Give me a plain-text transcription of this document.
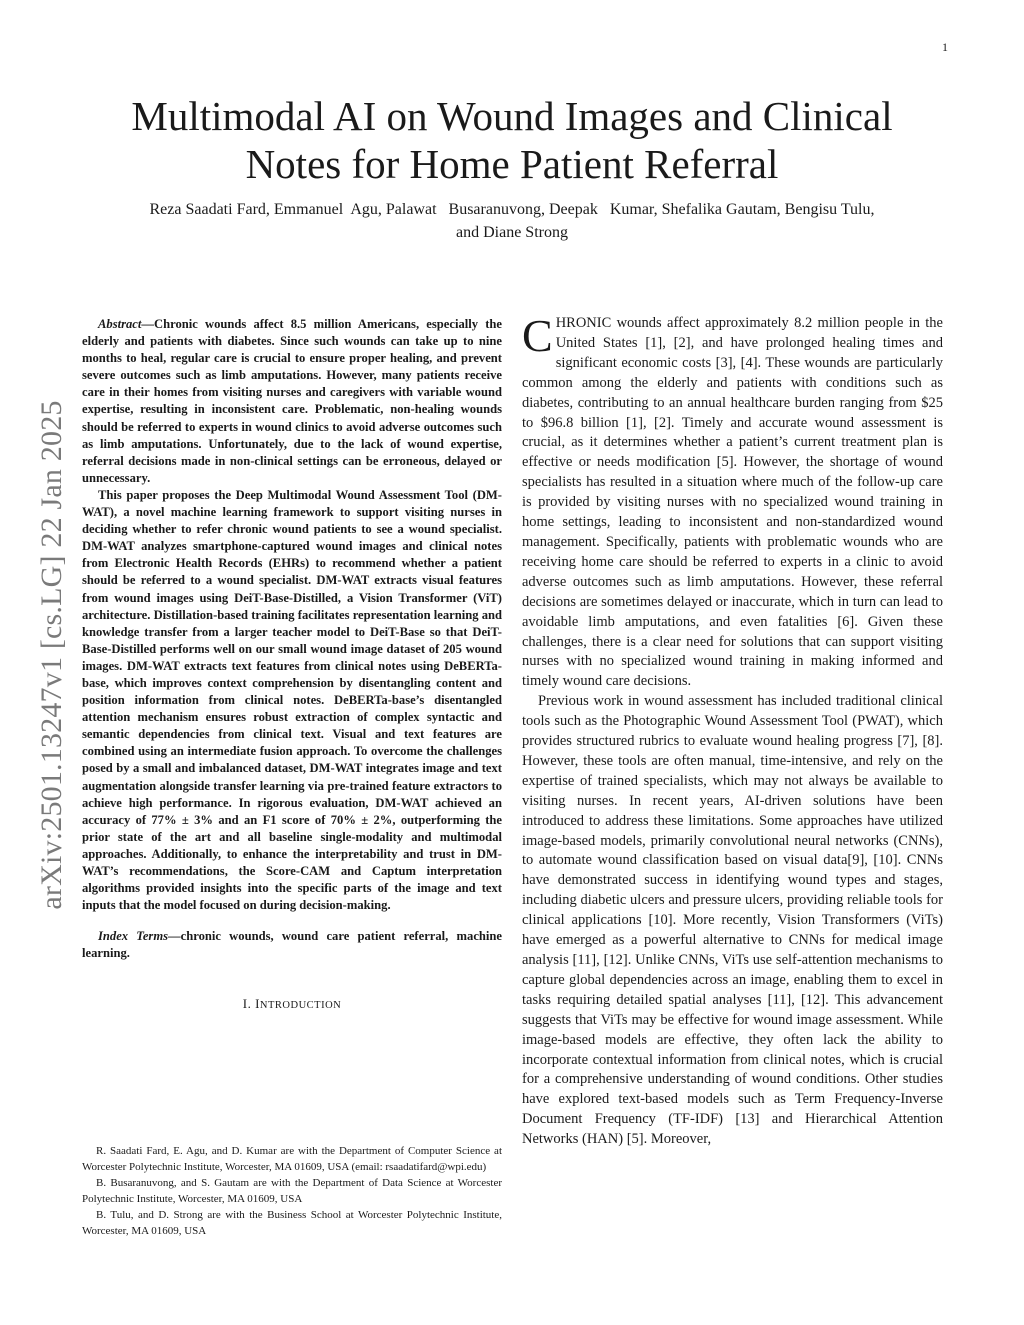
1
arXiv:2501.13247v1 [cs.LG] 22 Jan 2025
Multimodal AI on Wound Images and Clinical
Notes for Home Patient Referral

Reza Saadati Fard, Emmanuel  Agu, Palawat   Busaranuvong, Deepak   Kumar, Shefalika Gautam, Bengisu Tulu,
and Diane Strong

Abstract—Chronic wounds affect 8.5 million Americans, especially the elderly and patients with diabetes. Since such wounds can take up to nine months to heal, regular care is crucial to ensure proper healing, and prevent severe outcomes such as limb amputations. However, many patients receive care in their homes from visiting nurses and caregivers with variable wound expertise, resulting in inconsistent care. Problematic, non-healing wounds should be referred to experts in wound clinics to avoid adverse outcomes such as limb amputations. Unfortunately, due to the lack of wound expertise, referral decisions made in non-clinical settings can be erroneous, delayed or unnecessary.

This paper proposes the Deep Multimodal Wound Assessment Tool (DM-WAT), a novel machine learning framework to support visiting nurses in deciding whether to refer chronic wound patients to see a wound specialist. DM-WAT analyzes smartphone-captured wound images and clinical notes from Electronic Health Records (EHRs) to recommend whether a patient should be referred to a wound specialist. DM-WAT extracts visual features from wound images using DeiT-Base-Distilled, a Vision Transformer (ViT) architecture. Distillation-based training facilitates representation learning and knowledge transfer from a larger teacher model to DeiT-Base so that DeiT-Base-Distilled performs well on our small wound image dataset of 205 wound images. DM-WAT extracts text features from clinical notes using DeBERTa-base, which improves context comprehension by disentangling content and position information from clinical notes. DeBERTa-base’s disentangled attention mechanism ensures robust extraction of complex syntactic and semantic dependencies from clinical text. Visual and text features are combined using an intermediate fusion approach. To overcome the challenges posed by a small and imbalanced dataset, DM-WAT integrates image and text augmentation alongside transfer learning via pre-trained feature extractors to achieve high performance. In rigorous evaluation, DM-WAT achieved an accuracy of 77% ± 3% and an F1 score of 70% ± 2%, outperforming the prior state of the art and all baseline single-modality and multimodal approaches. Additionally, to enhance the interpretability and trust in DM-WAT’s recommendations, the Score-CAM and Captum interpretation algorithms provided insights into the specific parts of the image and text inputs that the model focused on during decision-making.

Index Terms—chronic wounds, wound care patient referral, machine learning.

I. INTRODUCTION

R. Saadati Fard, E. Agu, and D. Kumar are with the Department of Computer Science at Worcester Polytechnic Institute, Worcester, MA 01609, USA (email: rsaadatifard@wpi.edu)

B. Busaranuvong, and S. Gautam are with the Department of Data Science at Worcester Polytechnic Institute, Worcester, MA 01609, USA

B. Tulu, and D. Strong are with the Business School at Worcester Polytechnic Institute, Worcester, MA 01609, USA

CHRONIC wounds affect approximately 8.2 million people in the United States [1], [2], and have prolonged healing times and significant economic costs [3], [4]. These wounds are particularly common among the elderly and patients with conditions such as diabetes, contributing to an annual healthcare burden ranging from $25 to $96.8 billion [1], [2]. Timely and accurate wound assessment is crucial, as it determines whether a patient’s current treatment plan is effective or needs modification [5]. However, the shortage of wound specialists has resulted in a situation where much of the follow-up care is provided by visiting nurses with no specialized wound training in home settings, leading to inconsistent and non-standardized wound management. Specifically, patients with problematic wounds who are receiving home care should be referred to experts in a clinic to avoid adverse outcomes such as limb amputations. However, these referral decisions are sometimes delayed or inaccurate, which in turn can lead to avoidable limb amputations, and even fatalities [6]. Given these challenges, there is a clear need for solutions that can support visiting nurses with no specialized wound training in making informed and timely wound care decisions.

Previous work in wound assessment has included traditional clinical tools such as the Photographic Wound Assessment Tool (PWAT), which provides structured rubrics to evaluate wound healing progress [7], [8]. However, these tools are often manual, time-intensive, and rely on the expertise of trained specialists, which may not always be available to visiting nurses. In recent years, AI-driven solutions have been introduced to address these limitations. Some approaches have utilized image-based models, primarily convolutional neural networks (CNNs), to automate wound classification based on visual data[9], [10]. CNNs have demonstrated success in identifying wound types and stages, including diabetic ulcers and pressure ulcers, providing reliable tools for clinical applications [10]. More recently, Vision Transformers (ViTs) have emerged as a powerful alternative to CNNs for medical image analysis [11], [12]. Unlike CNNs, ViTs use self-attention mechanisms to capture global dependencies across an image, enabling them to excel in tasks requiring detailed spatial analyses [11], [12]. This advancement suggests that ViTs may be effective for wound image assessment. While image-based models are effective, they often lack the ability to incorporate contextual information from clinical notes, which is crucial for a comprehensive understanding of wound conditions. Other studies have explored text-based models such as Term Frequency-Inverse Document Frequency (TF-IDF) [13] and Hierarchical Attention Networks (HAN) [5]. Moreover,
